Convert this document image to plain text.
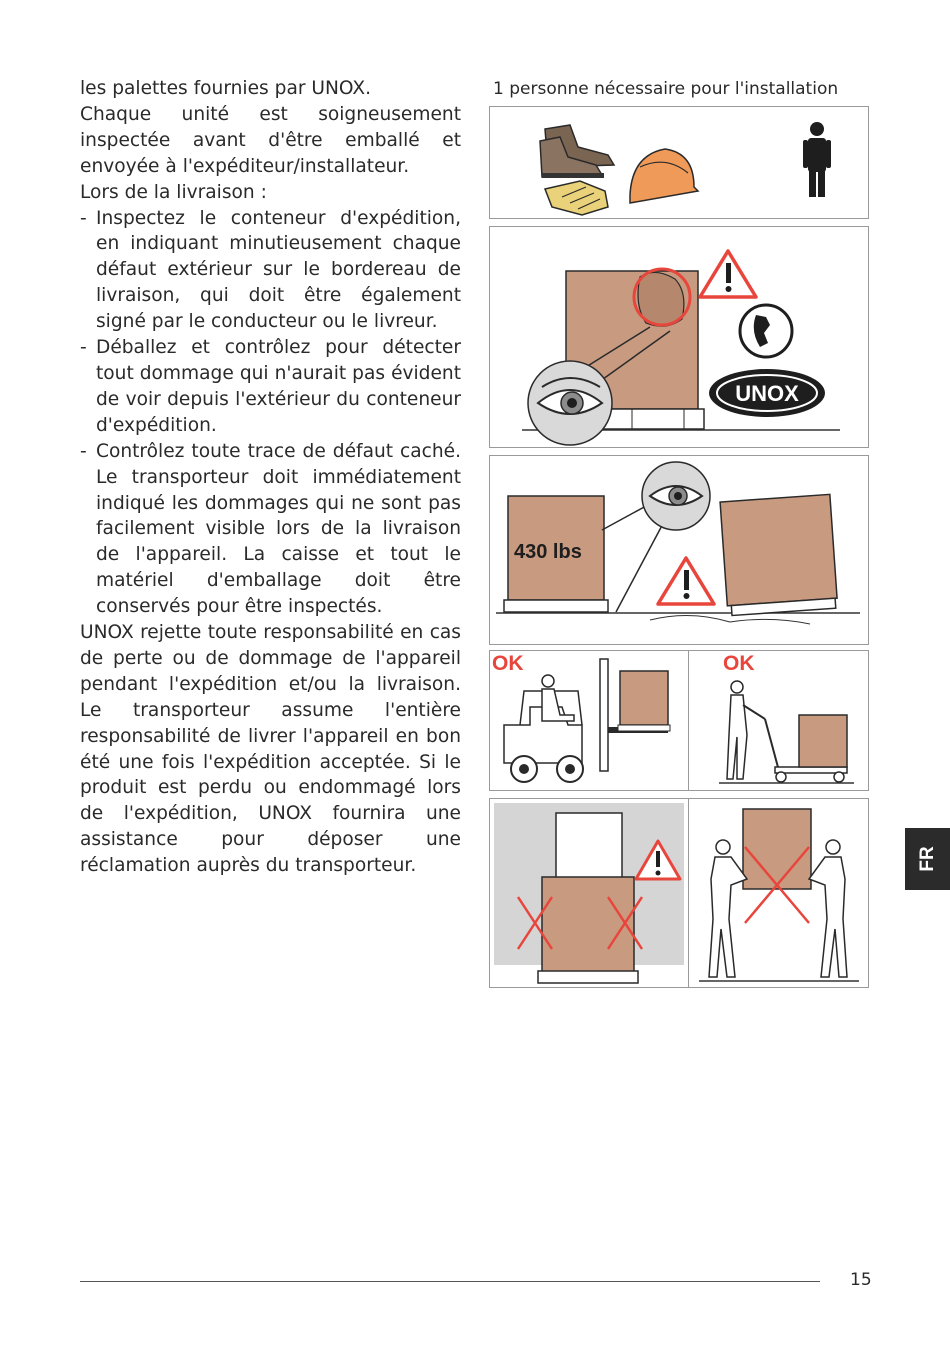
les palettes fournies par UNOX.

Chaque unité est soigneusement inspectée avant d'être emballé et envoyée à l'expéditeur/installateur.

Lors de la livraison :

- Inspectez le conteneur d'expédition, en indiquant minutieusement chaque défaut extérieur sur le bordereau de livraison, qui doit être également signé par le conducteur ou le livreur.

- Déballez et contrôlez pour détecter tout dommage qui n'aurait pas évident de voir depuis l'extérieur du conteneur d'expédition.

- Contrôlez toute trace de défaut caché. Le transporteur doit immédiatement indiqué les dommages qui ne sont pas facilement visible lors de la livraison de l'appareil. La caisse et tout le matériel d'emballage doit être conservés pour être inspectés.

UNOX rejette toute responsabilité en cas de perte ou de dommage de l'appareil pendant l'expédition et/ou la livraison. Le transporteur assume l'entière responsabilité de livrer l'appareil en bon été une fois l'expédition acceptée. Si le produit est perdu ou endommagé lors de l'expédition, UNOX fournira une assistance pour déposer une réclamation auprès du transporteur.

1 personne nécessaire pour l'installation
UNOX
430 lbs
OK	OK
FR
15
